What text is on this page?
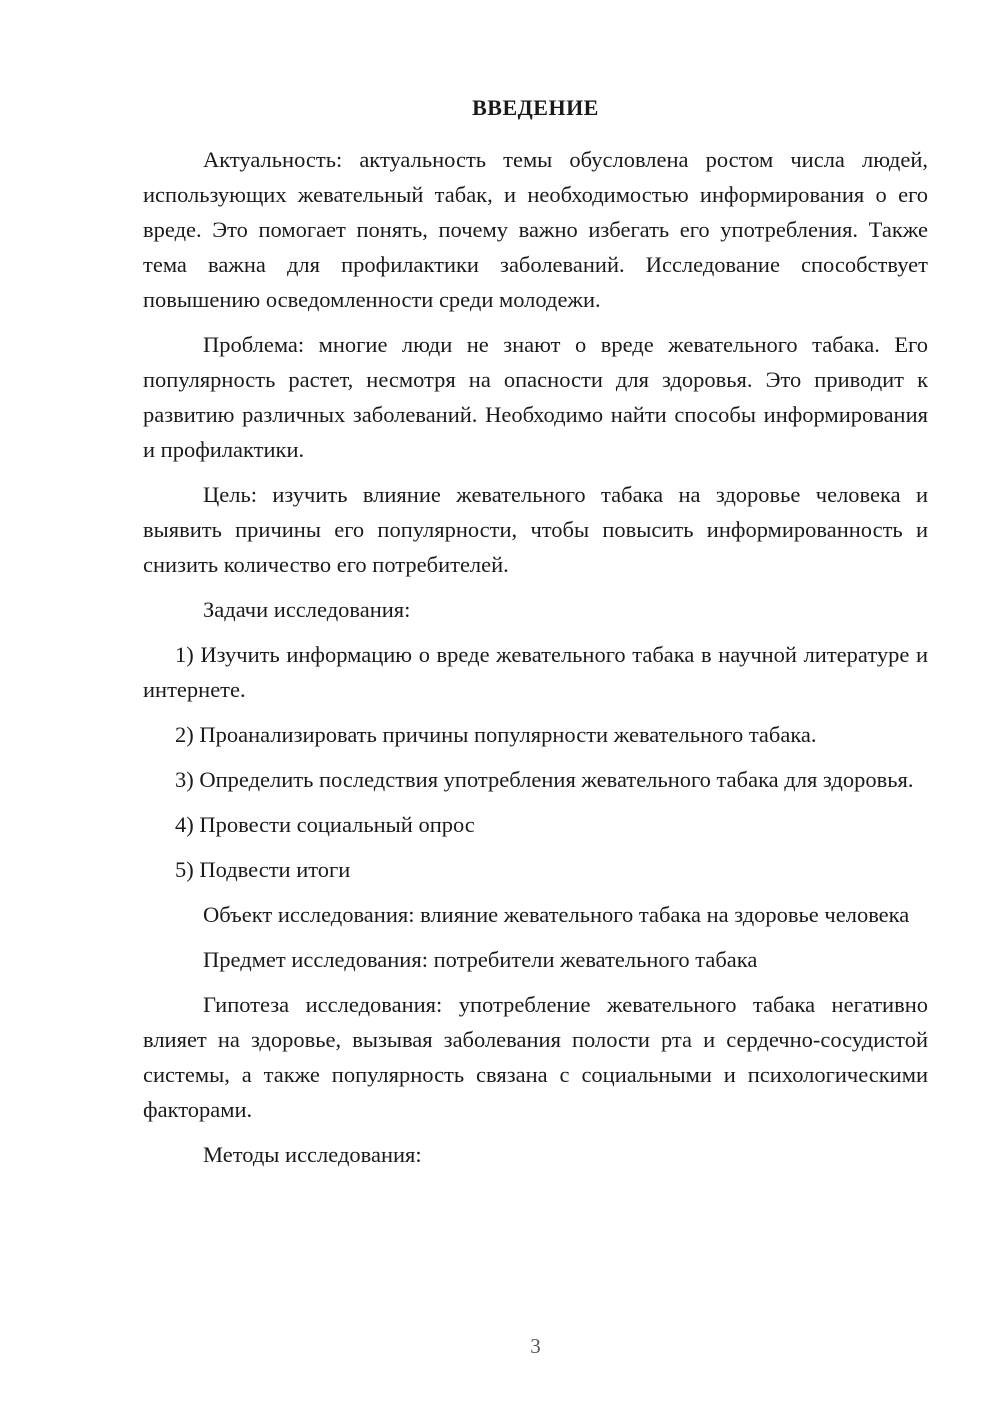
ВВЕДЕНИЕ

Актуальность: актуальность темы обусловлена ростом числа людей, использующих жевательный табак, и необходимостью информирования о его вреде. Это помогает понять, почему важно избегать его употребления. Также тема важна для профилактики заболеваний. Исследование способствует повышению осведомленности среди молодежи.

Проблема: многие люди не знают о вреде жевательного табака. Его популярность растет, несмотря на опасности для здоровья. Это приводит к развитию различных заболеваний. Необходимо найти способы информирования и профилактики.

Цель: изучить влияние жевательного табака на здоровье человека и выявить причины его популярности, чтобы повысить информированность и снизить количество его потребителей.

Задачи исследования:

1) Изучить информацию о вреде жевательного табака в научной литературе и интернете.

2) Проанализировать причины популярности жевательного табака.

3) Определить последствия употребления жевательного табака для здоровья.

4) Провести социальный опрос

5) Подвести итоги

Объект исследования: влияние жевательного табака на здоровье человека

Предмет исследования: потребители жевательного табака

Гипотеза исследования: употребление жевательного табака негативно влияет на здоровье, вызывая заболевания полости рта и сердечно-сосудистой системы, а также популярность связана с социальными и психологическими факторами.

Методы исследования:

3
